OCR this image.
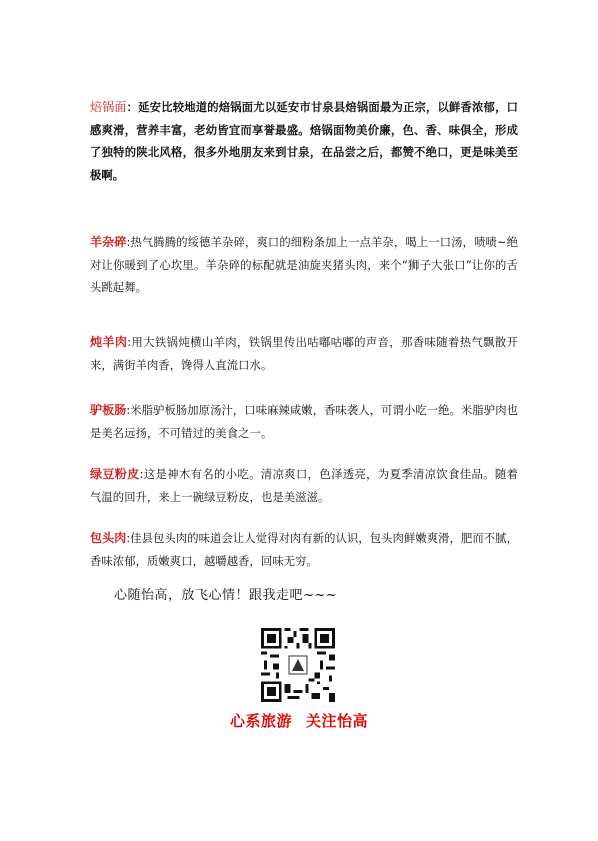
焙锅面：延安比较地道的焙锅面尤以延安市甘泉县焙锅面最为正宗，以鲜香浓郁，口感爽滑，营养丰富，老幼皆宜而享誉最盛。焙锅面物美价廉，色、香、味俱全，形成了独特的陕北风格，很多外地朋友来到甘泉，在品尝之后，都赞不绝口，更是味美至极啊。
羊杂碎:热气腾腾的绥德羊杂碎，爽口的细粉条加上一点羊杂，喝上一口汤，啧啧~绝对让你暖到了心坎里。羊杂碎的标配就是油旋夹猪头肉，来个“狮子大张口”让你的舌头跳起舞。
炖羊肉:用大铁锅炖横山羊肉，铁锅里传出咕嘟咕嘟的声音，那香味随着热气飘散开来，满街羊肉香，馋得人直流口水。
驴板肠:米脂驴板肠加原汤汁，口味麻辣咸嫩，香味袭人，可谓小吃一绝。米脂驴肉也是美名远扬，不可错过的美食之一。
绿豆粉皮:这是神木有名的小吃。清凉爽口，色泽透亮，为夏季清凉饮食佳品。随着气温的回升，来上一碗绿豆粉皮，也是美滋滋。
包头肉:佳县包头肉的味道会让人觉得对肉有新的认识，包头肉鲜嫩爽滑，肥而不腻，香味浓郁，质嫩爽口，越嚼越香，回味无穷。
心随怡高，放飞心情！跟我走吧~~~
心系旅游 关注怡高
